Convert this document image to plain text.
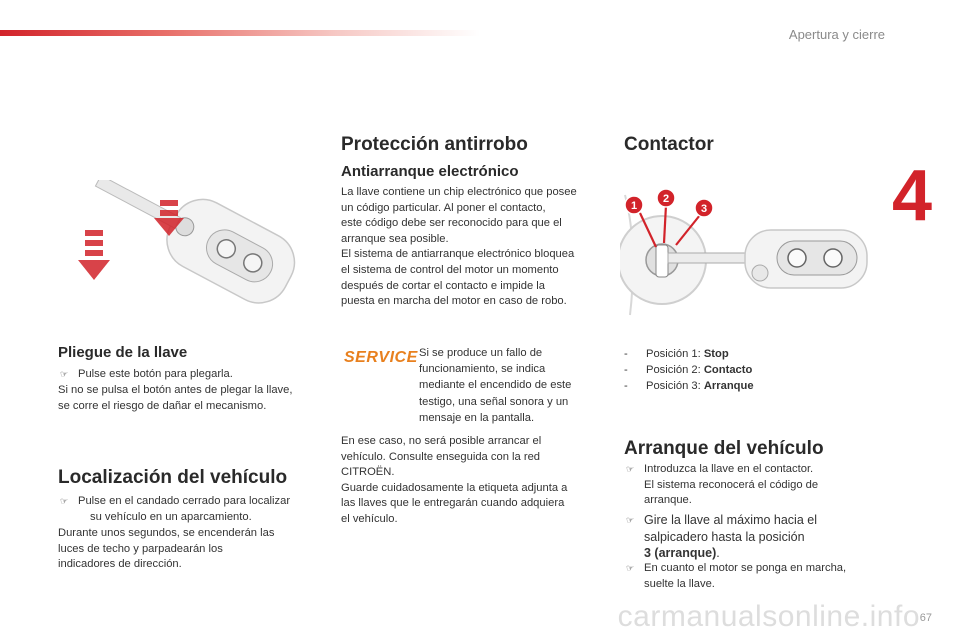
Apertura y cierre
4
Pliegue de la llave
☞ Pulse este botón para plegarla.
Si no se pulsa el botón antes de plegar la llave,
se corre el riesgo de dañar el mecanismo.
Localización del vehículo
☞ Pulse en el candado cerrado para localizar
su vehículo en un aparcamiento.
Durante unos segundos, se encenderán las
luces de techo y parpadearán los
indicadores de dirección.
Protección antirrobo
Antiarranque electrónico
La llave contiene un chip electrónico que posee
un código particular. Al poner el contacto,
este código debe ser reconocido para que el
arranque sea posible.
El sistema de antiarranque electrónico bloquea
el sistema de control del motor un momento
después de cortar el contacto e impide la
puesta en marcha del motor en caso de robo.
SERVICE Si se produce un fallo de
funcionamiento, se indica
mediante el encendido de este
testigo, una señal sonora y un
mensaje en la pantalla.
En ese caso, no será posible arrancar el
vehículo. Consulte enseguida con la red
CITROËN.
Guarde cuidadosamente la etiqueta adjunta a
las llaves que le entregarán cuando adquiera
el vehículo.
Contactor
1
2
3
- Posición 1: Stop
- Posición 2: Contacto
- Posición 3: Arranque
Arranque del vehículo
☞ Introduzca la llave en el contactor.
El sistema reconocerá el código de
arranque.
☞ Gire la llave al máximo hacia el
salpicadero hasta la posición
3 (arranque).
☞ En cuanto el motor se ponga en marcha,
suelte la llave.
carmanualsonline.info 67
